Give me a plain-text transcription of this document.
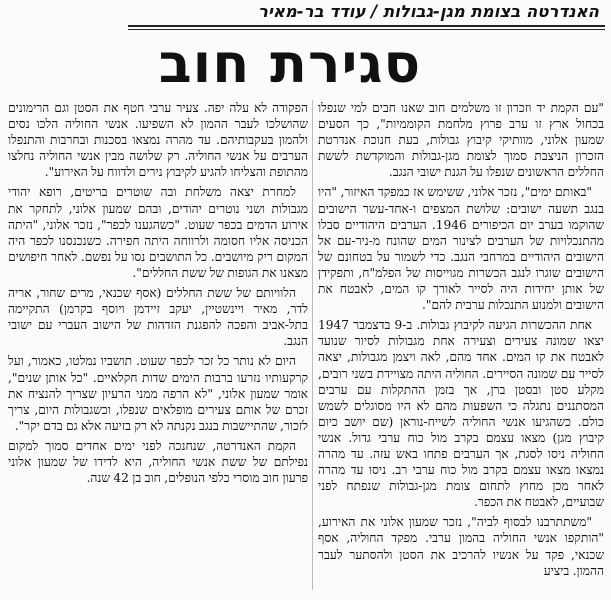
האנדרטה בצומת מגן-גבולות / עודד בר-מאיר
סגירת חוב

"עם הקמת יד וזכרון זו משלמים חוב שאנו חבים למי שנפלו בכחול ארץ זו ערב פרוץ מלחמת הקוממיות", כך הסעים שמעון אלוני, מוותיקי קיבוץ גבולות, בעת חנוכת אנדרטת הזכרון הניצבת סמוך לצומת מגן-גבולות והמוקדשת לששת החללים הראשונים שנפלו על הגנת ישובי הנגב.

"באותם ימים", נזכר אלוני, ששימש אז כמפקד האיזור, "היו בנגב תשעה ישובים: שלושת המצפים ו-אחד-עשר הישובים שהוקמו בערב יום הכיפורים 1946. הערבים היהודיים סבלו מהתנכלויות של הערבים לצינור המים שהונח מ-ניר-עם אל הישובים היהודיים במרחבי הנגב. כדי לשמור על בטחונם של הישובים שוגרו לנגב הכשרות מגוייסות של הפלמ"ח, ותפקידן של אותן יחידות היה לסייר לאורך קו המים, לאבטח את הישובים ולמנוע התנכלות ערבית להם".

אחת ההכשרות הגיעה לקיבוץ גבולות. ב-9 בדצמבר 1947 יצאו שמונה צעירים וצעירה אחת מגבולות לסיור שנועד לאבטח את קו המים. אחד מהם, לאה ויצמן מגבולות, יצאה לסייר עם שמונה הסיירים. החוליה היתה מצויידת בשני רובים, מקלע סטן ובסטן ברן, אך בזמן ההתקלות עם ערבים המסתננים נתגלה כי השפעות מהם לא היו מסוגלים לשמש כולם. כשהגיעו אנשי החוליה לשייח-נוראן (שם יושב כיום קיבוץ מגן) מצאו עצמם בקרב מול כוח ערבי גדול. אנשי החוליה ניסו לסגת, אך הערבים פתחו באש עזה. עד מהרה נמצאו מצאו עצמם בקרב מול כוח ערבי רב. ניסו עד מהרה לאחר מכן מחוץ לתחום צומת מגן-גבולות שנפתח לפני שבועיים, לאבטח את הכפר.

"משתתרבנו לבסוף לביה", נזכר שמעון אלוני את האירוע, "הותקפו אנשי החוליה בהמון ערבי. מפקד החוליה, אסף שכנאי, פקד על אנשיו להרכיב את הסטן ולהסתער לעבר ההמון. ביציע

הפקודה לא עלה יפה. צעיר ערבי חטף את הסטן וגם הרימונים שהושלכו לעבר ההמון לא השפיעו. אנשי החוליה הלכו נסים ולהמון בעקבותיהם. עד מהרה נמצאו בסכנות ובחרבות והתנפלו הערבים על אנשי החוליה. רק שלושה מבין אנשי החוליה נחלצו מהתופת והצליחו להגיע לקיבוץ נירים ולדווח על האירוע".

למחרת יצאה משלחת ובה שוטרים בריטים, רופא יהודי מגבולות ושני נוטרים יהודים, ובהם שמעון אלוני, לתחקר את אירוע הדמים בכפר שעוט. "כשהגענו לכפר", נזכר אלוני, "היתה הכניסה אליו חסומה ולרווחה היתה חפירה. כשנכנסנו לכפר היה המקום ריק מיושבים. כל התושבים נסו על נפשם. לאחר חיפושים מצאנו את הגופות של ששת החללים".

הלוויותם של ששת החללים (אסף שכנאי, מרים שחור, אריה לדר, מאיר ויינשטיין, יעקב זיידמן ויוסף בקרמן) התקיימה בתל-אביב והפכה להפגנת הזדהות של הישוב העברי עם ישובי הנגב.

היום לא נותר כל זכר לכפר שעוט. תושביו נמלטו, כאמור, ועל קרקעותיו נזרעו ברבות הימים שדות חקלאיים. "כל אותן שנים", אומר שמעון אלוני, "לא הרפה ממני הרעיון שצריך להנציח את זכרם של אותם צעירים מופלאים שנפלו, וכשגבולות היום, צריך לזכור, שהתיישבות בנגב נקנתה לא רק בזיעה אלא גם בדם יקר".

הקמת האנדרטה, שנחנכה לפני ימים אחדים סמוך למקום נפילתם של ששת אנשי החוליה, היא לדידו של שמעון אלוני פרעון חוב מוסרי כלפי הנופלים, חוב בן 42 שנה.
